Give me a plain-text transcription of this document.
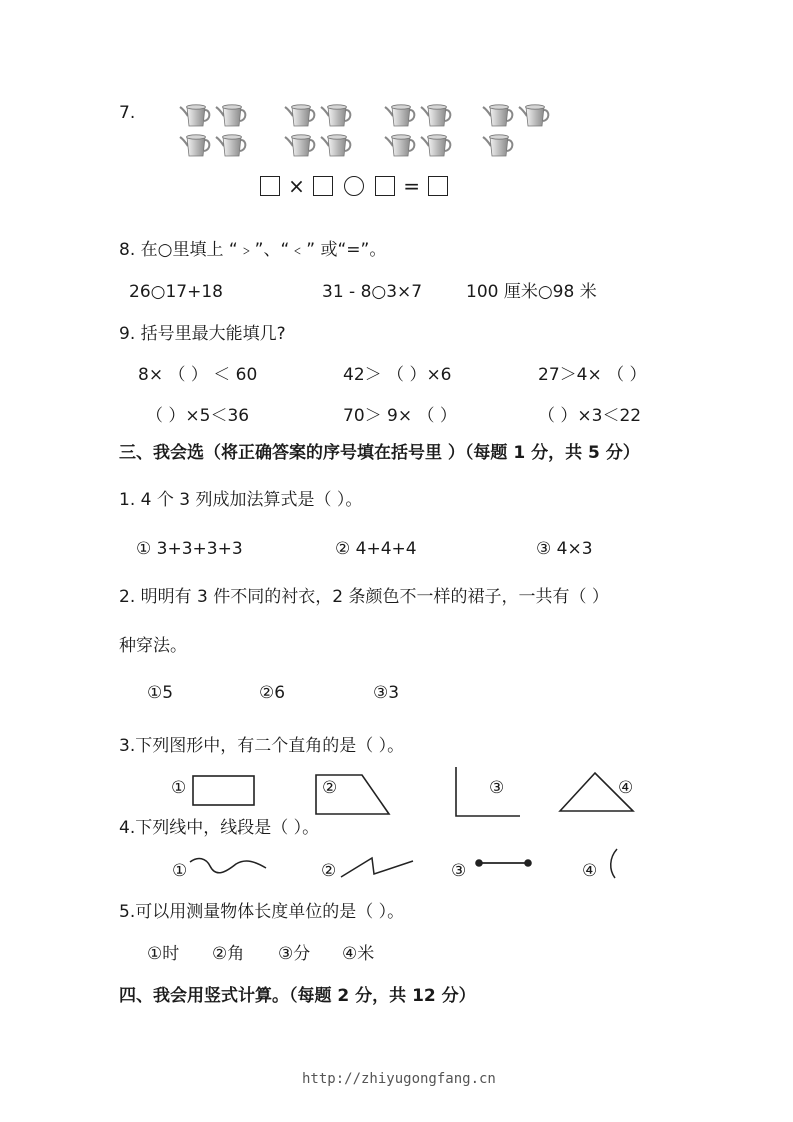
7.
×	=
8. 在○里填上 “﹥”、“﹤” 或“=”。
26○17+18	31 - 8○3×7	100 厘米○98 米
9. 括号里最大能填几?
8× （ ） ＜ 60	42＞ （ ）×6	27＞4× （ ）
（ ）×5＜36	70＞ 9× （ ）	（ ）×3＜22
三、我会选（将正确答案的序号填在括号里 ）（每题 1 分，共 5 分）
1. 4 个 3 列成加法算式是（ ）。
① 3+3+3+3	② 4+4+4	③ 4×3
2. 明明有 3 件不同的衬衣，2 条颜色不一样的裙子，一共有（ ）
种穿法。
①5	②6	③3
3.下列图形中，有二个直角的是（ ）。
①	②	③	④
4.下列线中，线段是（ ）。
①	②	③	④
5.可以用测量物体长度单位的是（ ）。
①时 ②角 ③分 ④米
四、我会用竖式计算。（每题 2 分，共 12 分）
http://zhiyugongfang.cn
